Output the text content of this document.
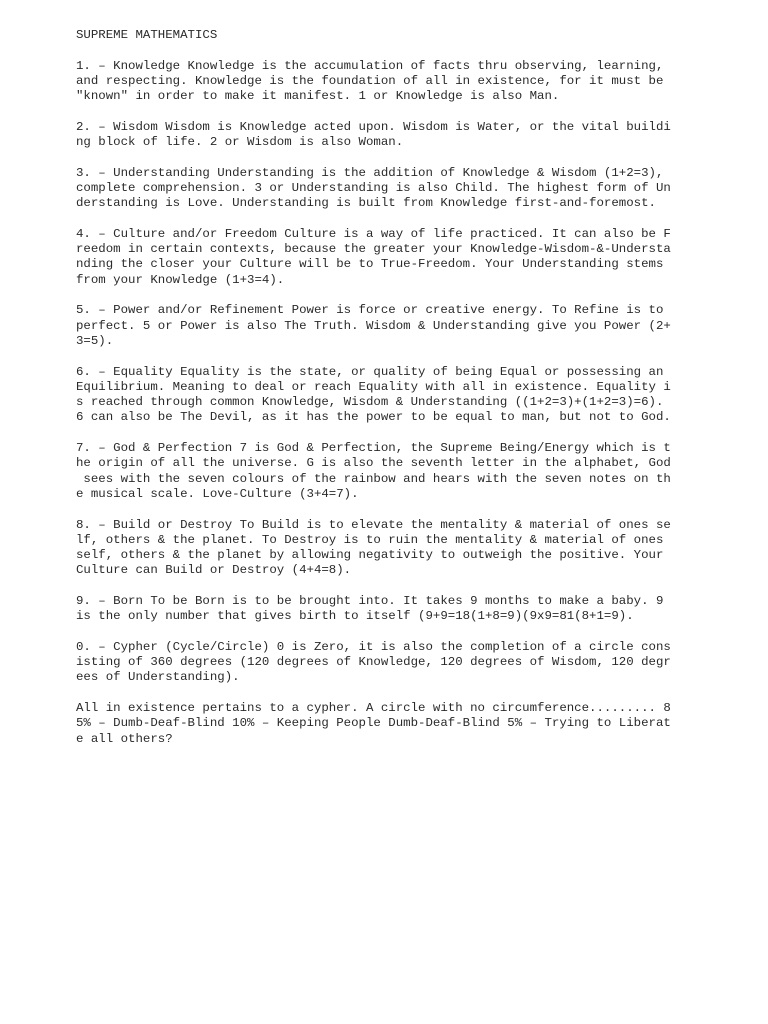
SUPREME MATHEMATICS
1. – Knowledge Knowledge is the accumulation of facts thru observing, learning,
and respecting. Knowledge is the foundation of all in existence, for it must be
"known" in order to make it manifest. 1 or Knowledge is also Man.
2. – Wisdom Wisdom is Knowledge acted upon. Wisdom is Water, or the vital buildi
ng block of life. 2 or Wisdom is also Woman.
3. – Understanding Understanding is the addition of Knowledge & Wisdom (1+2=3),
complete comprehension. 3 or Understanding is also Child. The highest form of Un
derstanding is Love. Understanding is built from Knowledge first-and-foremost.
4. – Culture and/or Freedom Culture is a way of life practiced. It can also be F
reedom in certain contexts, because the greater your Knowledge-Wisdom-&-Understa
nding the closer your Culture will be to True-Freedom. Your Understanding stems
from your Knowledge (1+3=4).
5. – Power and/or Refinement Power is force or creative energy. To Refine is to
perfect. 5 or Power is also The Truth. Wisdom & Understanding give you Power (2+
3=5).
6. – Equality Equality is the state, or quality of being Equal or possessing an
Equilibrium. Meaning to deal or reach Equality with all in existence. Equality i
s reached through common Knowledge, Wisdom & Understanding ((1+2=3)+(1+2=3)=6).
6 can also be The Devil, as it has the power to be equal to man, but not to God.
7. – God & Perfection 7 is God & Perfection, the Supreme Being/Energy which is t
he origin of all the universe. G is also the seventh letter in the alphabet, God
sees with the seven colours of the rainbow and hears with the seven notes on th
e musical scale. Love-Culture (3+4=7).
8. – Build or Destroy To Build is to elevate the mentality & material of ones se
lf, others & the planet. To Destroy is to ruin the mentality & material of ones
self, others & the planet by allowing negativity to outweigh the positive. Your
Culture can Build or Destroy (4+4=8).
9. – Born To be Born is to be brought into. It takes 9 months to make a baby. 9
is the only number that gives birth to itself (9+9=18(1+8=9)(9x9=81(8+1=9).
0. – Cypher (Cycle/Circle) 0 is Zero, it is also the completion of a circle cons
isting of 360 degrees (120 degrees of Knowledge, 120 degrees of Wisdom, 120 degr
ees of Understanding).
All in existence pertains to a cypher. A circle with no circumference......... 8
5% – Dumb-Deaf-Blind 10% – Keeping People Dumb-Deaf-Blind 5% – Trying to Liberat
e all others?
